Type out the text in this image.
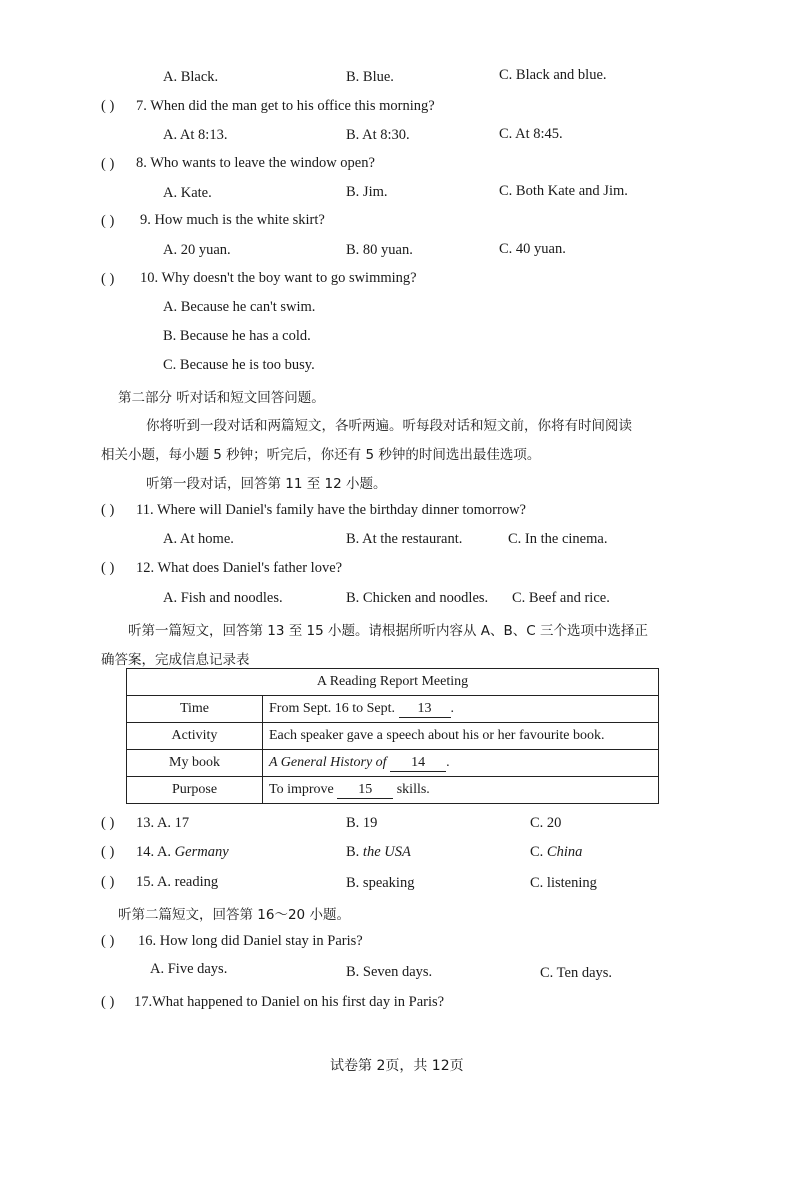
A. Black.	B. Blue.	C. Black and blue.
( ) 7. When did the man get to his office this morning?
A. At 8:13.	B. At 8:30.	C. At 8:45.
( ) 8. Who wants to leave the window open?
A. Kate.	B. Jim.	C. Both Kate and Jim.
( ) 9. How much is the white skirt?
A. 20 yuan.	B. 80 yuan.	C. 40 yuan.
( ) 10. Why doesn't the boy want to go swimming?
A. Because he can't swim.
B. Because he has a cold.
C. Because he is too busy.
第二部分 听对话和短文回答问题。
你将听到一段对话和两篇短文，各听两遍。听每段对话和短文前，你将有时间阅读
相关小题，每小题 5 秒钟；听完后，你还有 5 秒钟的时间选出最佳选项。
听第一段对话，回答第 11 至 12 小题。
( ) 11. Where will Daniel's family have the birthday dinner tomorrow?
A. At home.	B. At the restaurant.	C. In the cinema.
( ) 12. What does Daniel's father love?
A. Fish and noodles.	B. Chicken and noodles. C. Beef and rice.
听第一篇短文，回答第 13 至 15 小题。请根据所听内容从 A、B、C 三个选项中选择正
确答案，完成信息记录表
A Reading Report Meeting	
Time	From Sept. 16 to Sept. 13 .
Activity	Each speaker gave a speech about his or her favourite book.
My book	A General History of 14 .
Purpose	To improve 15 skills.
( ) 13. A. 17	B. 19	C. 20
( ) 14. A. Germany	B. the USA	C. China
( ) 15. A. reading	B. speaking	C. listening
听第二篇短文，回答第 16～20 小题。
( ) 16. How long did Daniel stay in Paris?
A. Five days.	B. Seven days.	C. Ten days.
( ) 17.What happened to Daniel on his first day in Paris?
试卷第 2页，共 12页
